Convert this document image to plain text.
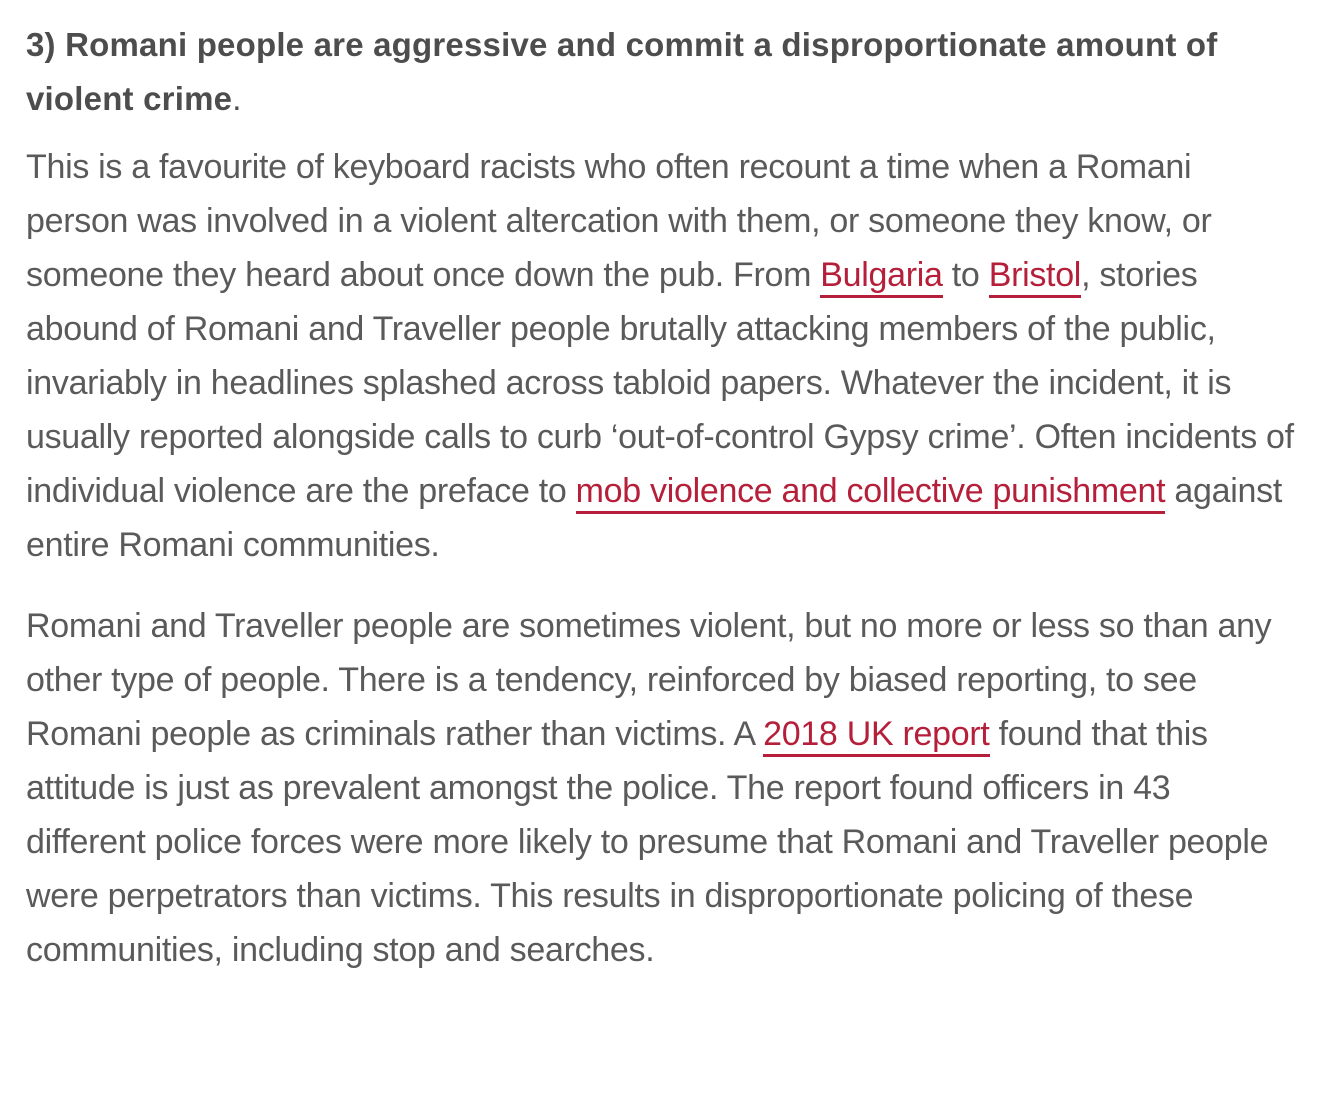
3) Romani people are aggressive and commit a disproportionate amount of violent crime.

This is a favourite of keyboard racists who often recount a time when a Romani person was involved in a violent altercation with them, or someone they know, or someone they heard about once down the pub. From Bulgaria to Bristol, stories abound of Romani and Traveller people brutally attacking members of the public, invariably in headlines splashed across tabloid papers. Whatever the incident, it is usually reported alongside calls to curb ‘out-of-control Gypsy crime’. Often incidents of individual violence are the preface to mob violence and collective punishment against entire Romani communities.

Romani and Traveller people are sometimes violent, but no more or less so than any other type of people. There is a tendency, reinforced by biased reporting, to see Romani people as criminals rather than victims. A 2018 UK report found that this attitude is just as prevalent amongst the police. The report found officers in 43 different police forces were more likely to presume that Romani and Traveller people were perpetrators than victims. This results in disproportionate policing of these communities, including stop and searches.
